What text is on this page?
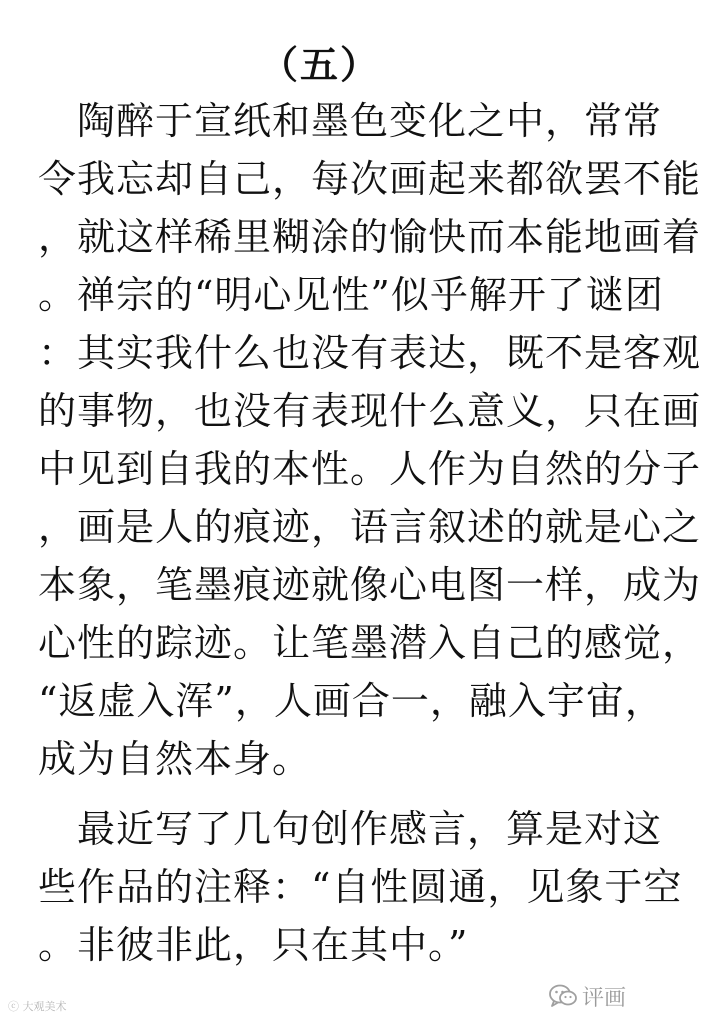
（五）
　陶醉于宣纸和墨色变化之中，常常
令我忘却自己，每次画起来都欲罢不能
，就这样稀里糊涂的愉快而本能地画着
。禅宗的“明心见性”似乎解开了谜团
：其实我什么也没有表达，既不是客观
的事物，也没有表现什么意义，只在画
中见到自我的本性。人作为自然的分子
，画是人的痕迹，语言叙述的就是心之
本象，笔墨痕迹就像心电图一样，成为
心性的踪迹。让笔墨潜入自己的感觉，
“返虚入浑”，人画合一，融入宇宙，
成为自然本身。
　最近写了几句创作感言，算是对这
些作品的注释：“自性圆通，见象于空
。非彼非此，只在其中。”
ⓒ 大观美术	评画
